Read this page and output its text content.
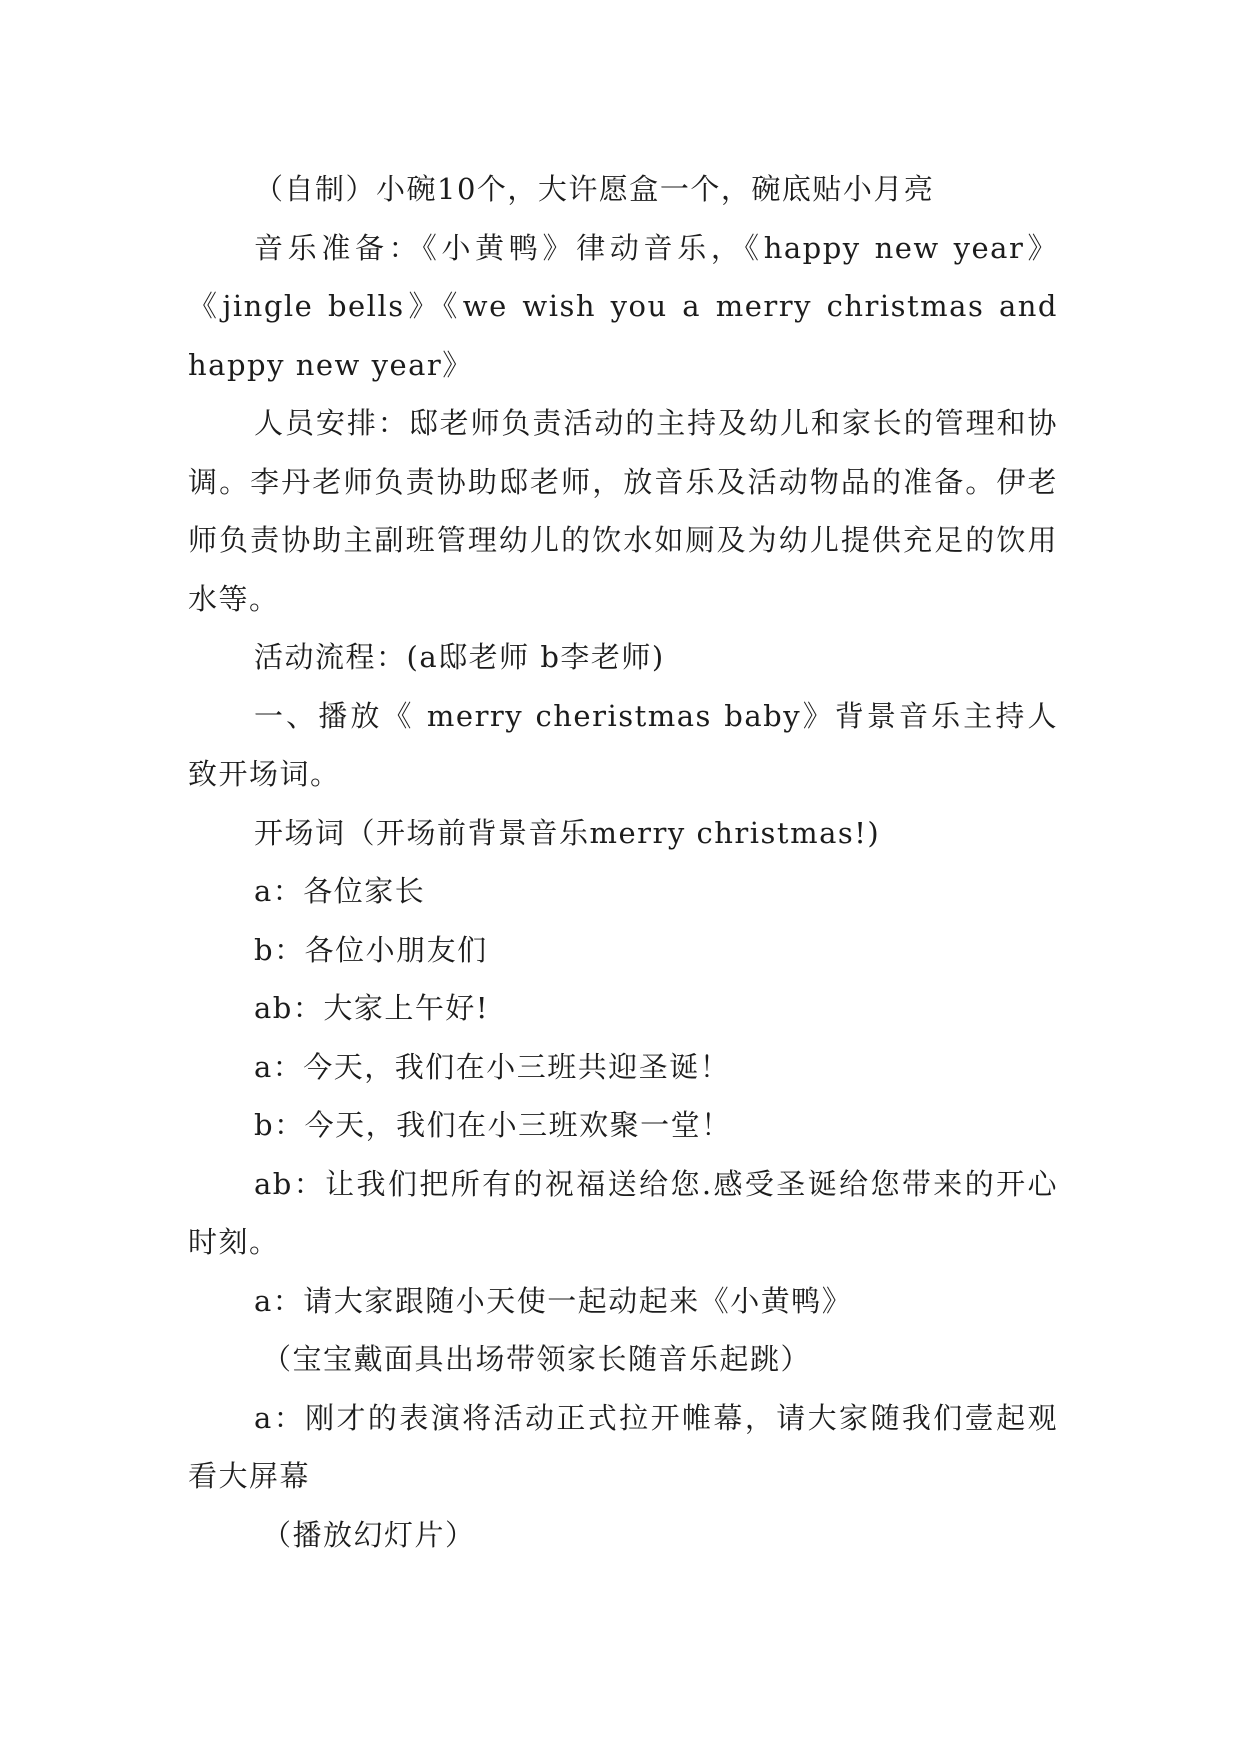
（自制）小碗10个，大许愿盒一个，碗底贴小月亮

音乐准备：《小黄鸭》律动音乐，《happy new year》《jingle bells》《we wish you a merry christmas and happy new year》

人员安排：邸老师负责活动的主持及幼儿和家长的管理和协调。李丹老师负责协助邸老师，放音乐及活动物品的准备。伊老师负责协助主副班管理幼儿的饮水如厕及为幼儿提供充足的饮用水等。

活动流程：(a邸老师 b李老师)

一、播放《 merry cheristmas baby》背景音乐主持人致开场词。

开场词（开场前背景音乐merry christmas!)

a：各位家长

b：各位小朋友们

ab：大家上午好!

a：今天，我们在小三班共迎圣诞！

b：今天，我们在小三班欢聚一堂！

ab：让我们把所有的祝福送给您.感受圣诞给您带来的开心时刻。

a：请大家跟随小天使一起动起来《小黄鸭》

（宝宝戴面具出场带领家长随音乐起跳）

a：刚才的表演将活动正式拉开帷幕，请大家随我们壹起观看大屏幕

（播放幻灯片）
